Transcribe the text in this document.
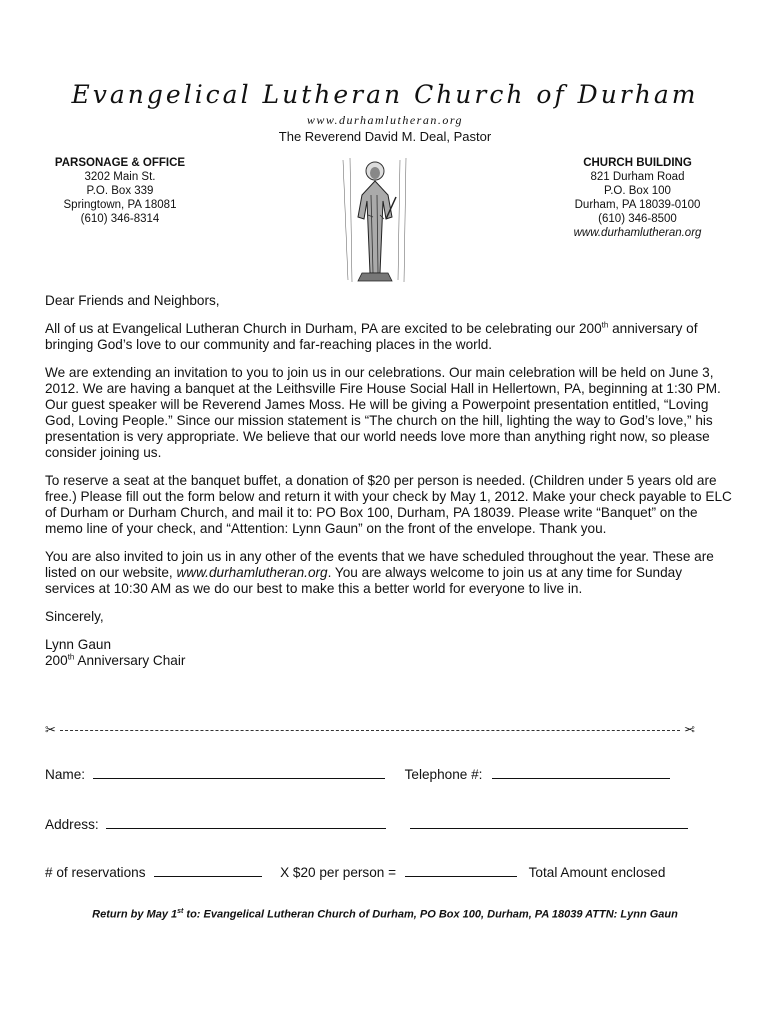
Evangelical Lutheran Church of Durham
www.durhamlutheran.org
The Reverend David M. Deal, Pastor
PARSONAGE & OFFICE
3202 Main St.
P.O. Box 339
Springtown, PA 18081
(610) 346-8314
CHURCH BUILDING
821 Durham Road
P.O. Box 100
Durham, PA 18039-0100
(610) 346-8500
www.durhamlutheran.org

Dear Friends and Neighbors,

All of us at Evangelical Lutheran Church in Durham, PA are excited to be celebrating our 200th anniversary of bringing God’s love to our community and far-reaching places in the world.

We are extending an invitation to you to join us in our celebrations. Our main celebration will be held on June 3, 2012. We are having a banquet at the Leithsville Fire House Social Hall in Hellertown, PA, beginning at 1:30 PM. Our guest speaker will be Reverend James Moss. He will be giving a Powerpoint presentation entitled, “Loving God, Loving People.” Since our mission statement is “The church on the hill, lighting the way to God’s love,” his presentation is very appropriate. We believe that our world needs love more than anything right now, so please consider joining us.

To reserve a seat at the banquet buffet, a donation of $20 per person is needed. (Children under 5 years old are free.) Please fill out the form below and return it with your check by May 1, 2012. Make your check payable to ELC of Durham or Durham Church, and mail it to: PO Box 100, Durham, PA 18039. Please write “Banquet” on the memo line of your check, and “Attention: Lynn Gaun” on the front of the envelope. Thank you.

You are also invited to join us in any other of the events that we have scheduled throughout the year. These are listed on our website, www.durhamlutheran.org. You are always welcome to join us at any time for Sunday services at 10:30 AM as we do our best to make this a better world for everyone to live in.

Sincerely,

Lynn Gaun
200th Anniversary Chair
✂	✂
Name:	Telephone #:
Address:
# of reservations	X $20 per person =	Total Amount enclosed
Return by May 1st to: Evangelical Lutheran Church of Durham, PO Box 100, Durham, PA 18039 ATTN: Lynn Gaun
